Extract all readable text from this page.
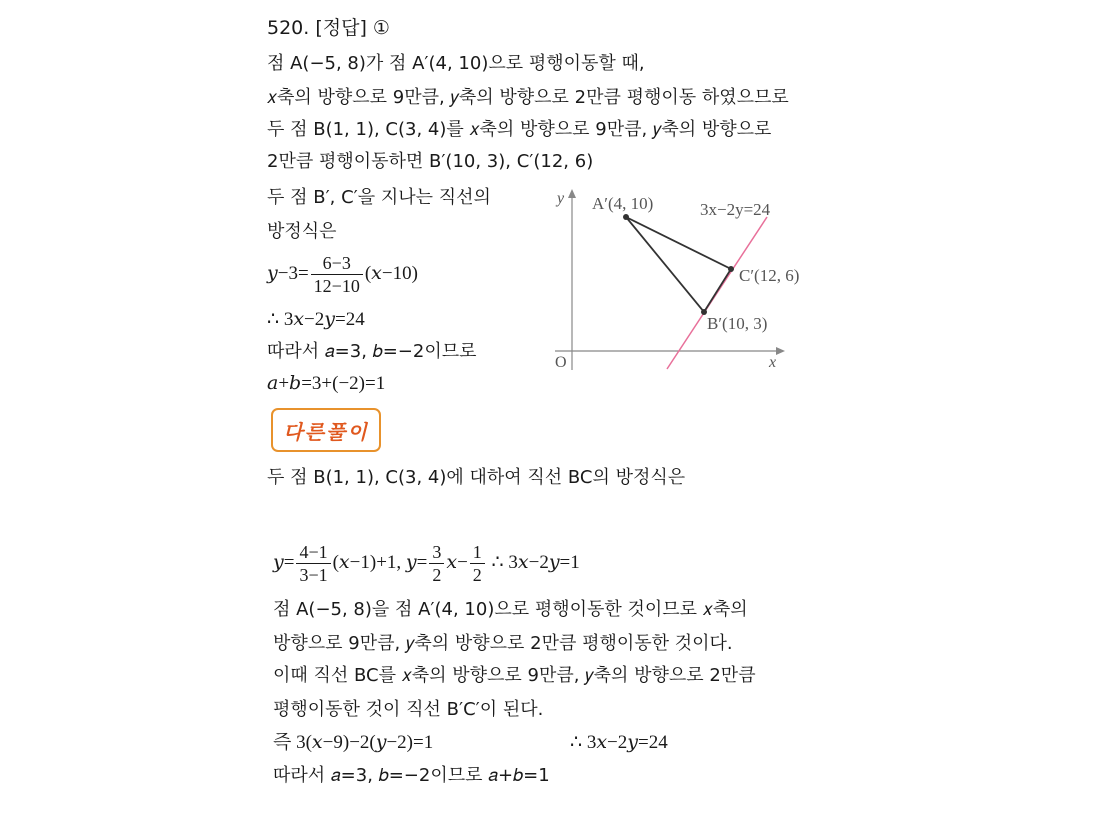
520. [정답] ①
점 A(−5, 8)가 점 A′(4, 10)으로 평행이동할 때,
𝑥축의 방향으로 9만큼, 𝑦축의 방향으로 2만큼 평행이동 하였으므로
두 점 B(1, 1), C(3, 4)를 𝑥축의 방향으로 9만큼, 𝑦축의 방향으로
2만큼 평행이동하면 B′(10, 3), C′(12, 6)
두 점 B′, C′을 지나는 직선의
방정식은
𝑦−3= $\frac{6-3}{12-10}$ (𝑥−10)
∴ 3𝑥−2𝑦=24
따라서 𝑎=3, 𝑏=−2이므로
𝑎+𝑏=3+(−2)=1
y
x
O
3x−2y=24
A′(4, 10)
B′(10, 3)
C′(12, 6)
다른풀이
두 점 B(1, 1), C(3, 4)에 대하여 직선 BC의 방정식은
𝑦= $\frac{4-1}{3-1}$ (𝑥−1)+1, 𝑦= $\frac{3}{2}$ 𝑥− $\frac{1}{2}$ ∴ 3𝑥−2𝑦=1
점 A(−5, 8)을 점 A′(4, 10)으로 평행이동한 것이므로 𝑥축의
방향으로 9만큼, 𝑦축의 방향으로 2만큼 평행이동한 것이다.
이때 직선 BC를 𝑥축의 방향으로 9만큼, 𝑦축의 방향으로 2만큼
평행이동한 것이 직선 B′C′이 된다.
즉 3(𝑥−9)−2(𝑦−2)=1	∴ 3𝑥−2𝑦=24
따라서 𝑎=3, 𝑏=−2이므로 𝑎+𝑏=1
